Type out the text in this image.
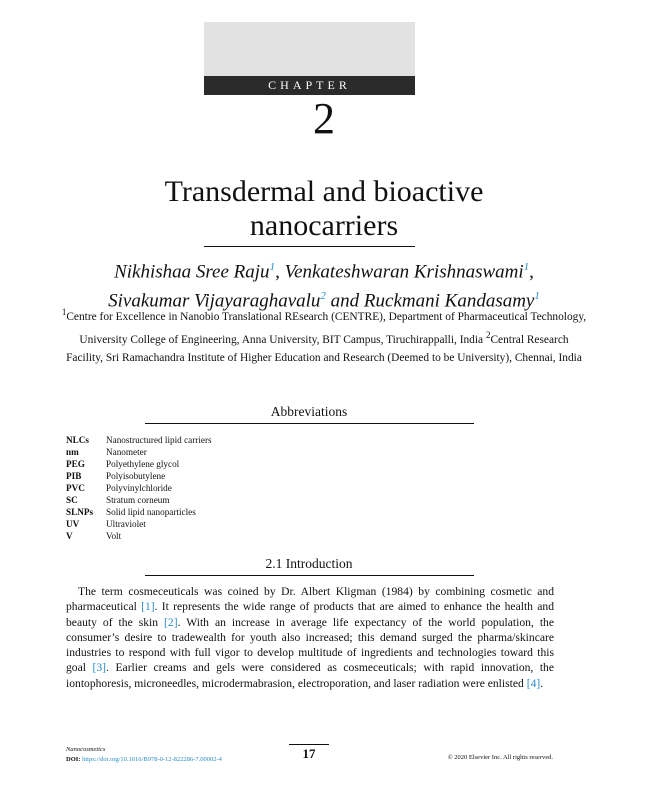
CHAPTER
2
Transdermal and bioactive
nanocarriers
Nikhishaa Sree Raju$^1$, Venkateshwaran Krishnaswami$^1$,
Sivakumar Vijayaraghavalu$^2$ and Ruckmani Kandasamy$^1$
$^1$Centre for Excellence in Nanobio Translational REsearch (CENTRE), Department of Pharmaceutical Technology, University College of Engineering, Anna University, BIT Campus, Tiruchirappalli, India $^2$Central Research Facility, Sri Ramachandra Institute of Higher Education and Research (Deemed to be University), Chennai, India
Abbreviations
NLCs	Nanostructured lipid carriers
nm	Nanometer
PEG	Polyethylene glycol
PIB	Polyisobutylene
PVC	Polyvinylchloride
SC	Stratum corneum
SLNPs	Solid lipid nanoparticles
UV	Ultraviolet
V	Volt
2.1 Introduction
The term cosmeceuticals was coined by Dr. Albert Kligman (1984) by combining cosmetic and pharmaceutical [1]. It represents the wide range of products that are aimed to enhance the health and beauty of the skin [2]. With an increase in average life expectancy of the world population, the consumer’s desire to tradewealth for youth also increased; this demand surged the pharma/skincare industries to respond with full vigor to develop multitude of ingredients and technologies toward this goal [3]. Earlier creams and gels were considered as cosmeceuticals; with rapid innovation, the iontophoresis, microneedles, microdermabrasion, electroporation, and laser radiation were enlisted [4].
Nanocosmetics
DOI: https://doi.org/10.1016/B978-0-12-822286-7.00002-4	17	© 2020 Elsevier Inc. All rights reserved.
